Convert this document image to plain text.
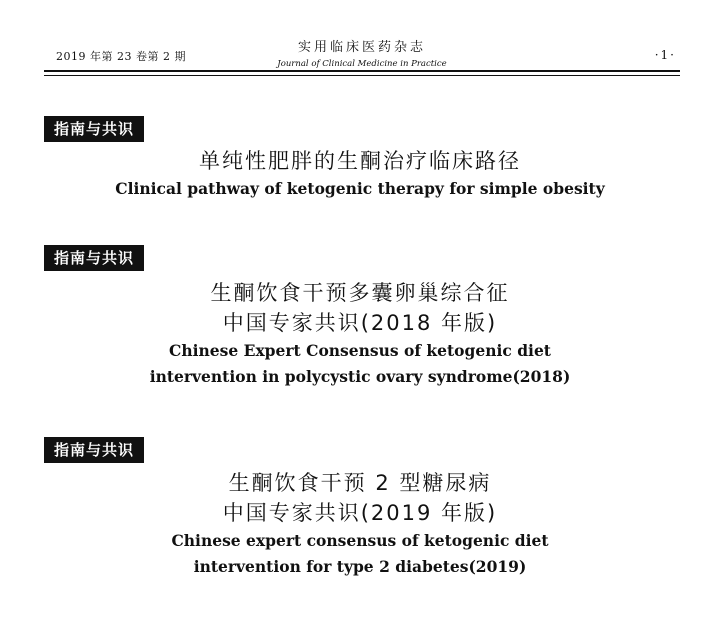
2019 年第 23 卷第 2 期
实用临床医药杂志
Journal of Clinical Medicine in Practice
·1·
指南与共识
单纯性肥胖的生酮治疗临床路径
Clinical pathway of ketogenic therapy for simple obesity
指南与共识
生酮饮食干预多囊卵巢综合征
中国专家共识(2018 年版)
Chinese Expert Consensus of ketogenic diet
intervention in polycystic ovary syndrome(2018)
指南与共识
生酮饮食干预 2 型糖尿病
中国专家共识(2019 年版)
Chinese expert consensus of ketogenic diet
intervention for type 2 diabetes(2019)
